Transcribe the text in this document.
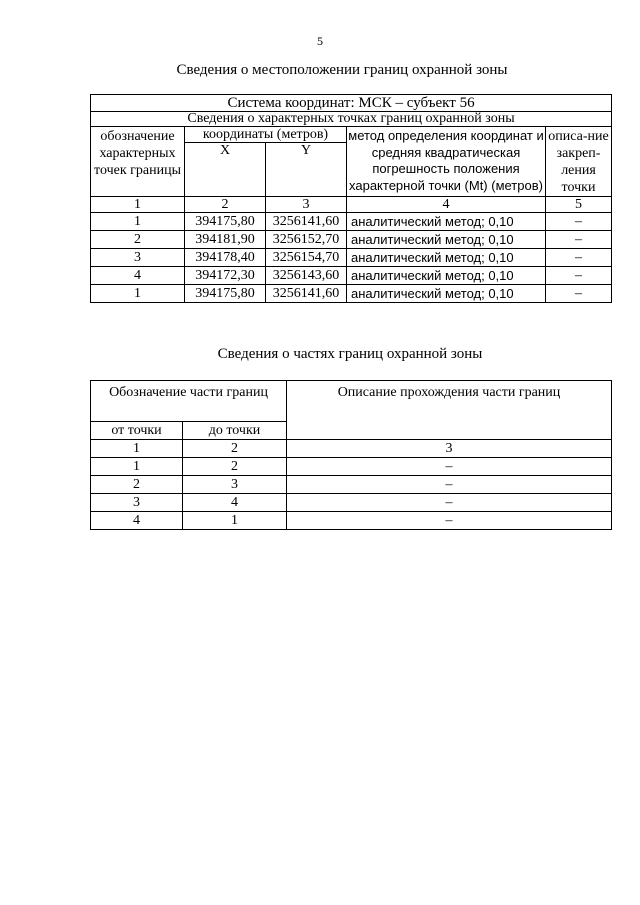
5
Сведения о местоположении границ охранной зоны
Система координат: МСК – субъект 56				
Сведения о характерных точках границ охранной зоны				
обозначение характерных точек границы	координаты (метров)		метод определения координат и средняя квадратическая погрешность положения характерной точки (Mt) (метров)	описа-ние закреп-ления точки
	X	Y		
1	2	3	4	5
1	394175,80	3256141,60	аналитический метод; 0,10	–
2	394181,90	3256152,70	аналитический метод; 0,10	–
3	394178,40	3256154,70	аналитический метод; 0,10	–
4	394172,30	3256143,60	аналитический метод; 0,10	–
1	394175,80	3256141,60	аналитический метод; 0,10	–
Сведения о частях границ охранной зоны
Обозначение части границ		Описание прохождения части границ
от точки	до точки	
1	2	3
1	2	–
2	3	–
3	4	–
4	1	–
